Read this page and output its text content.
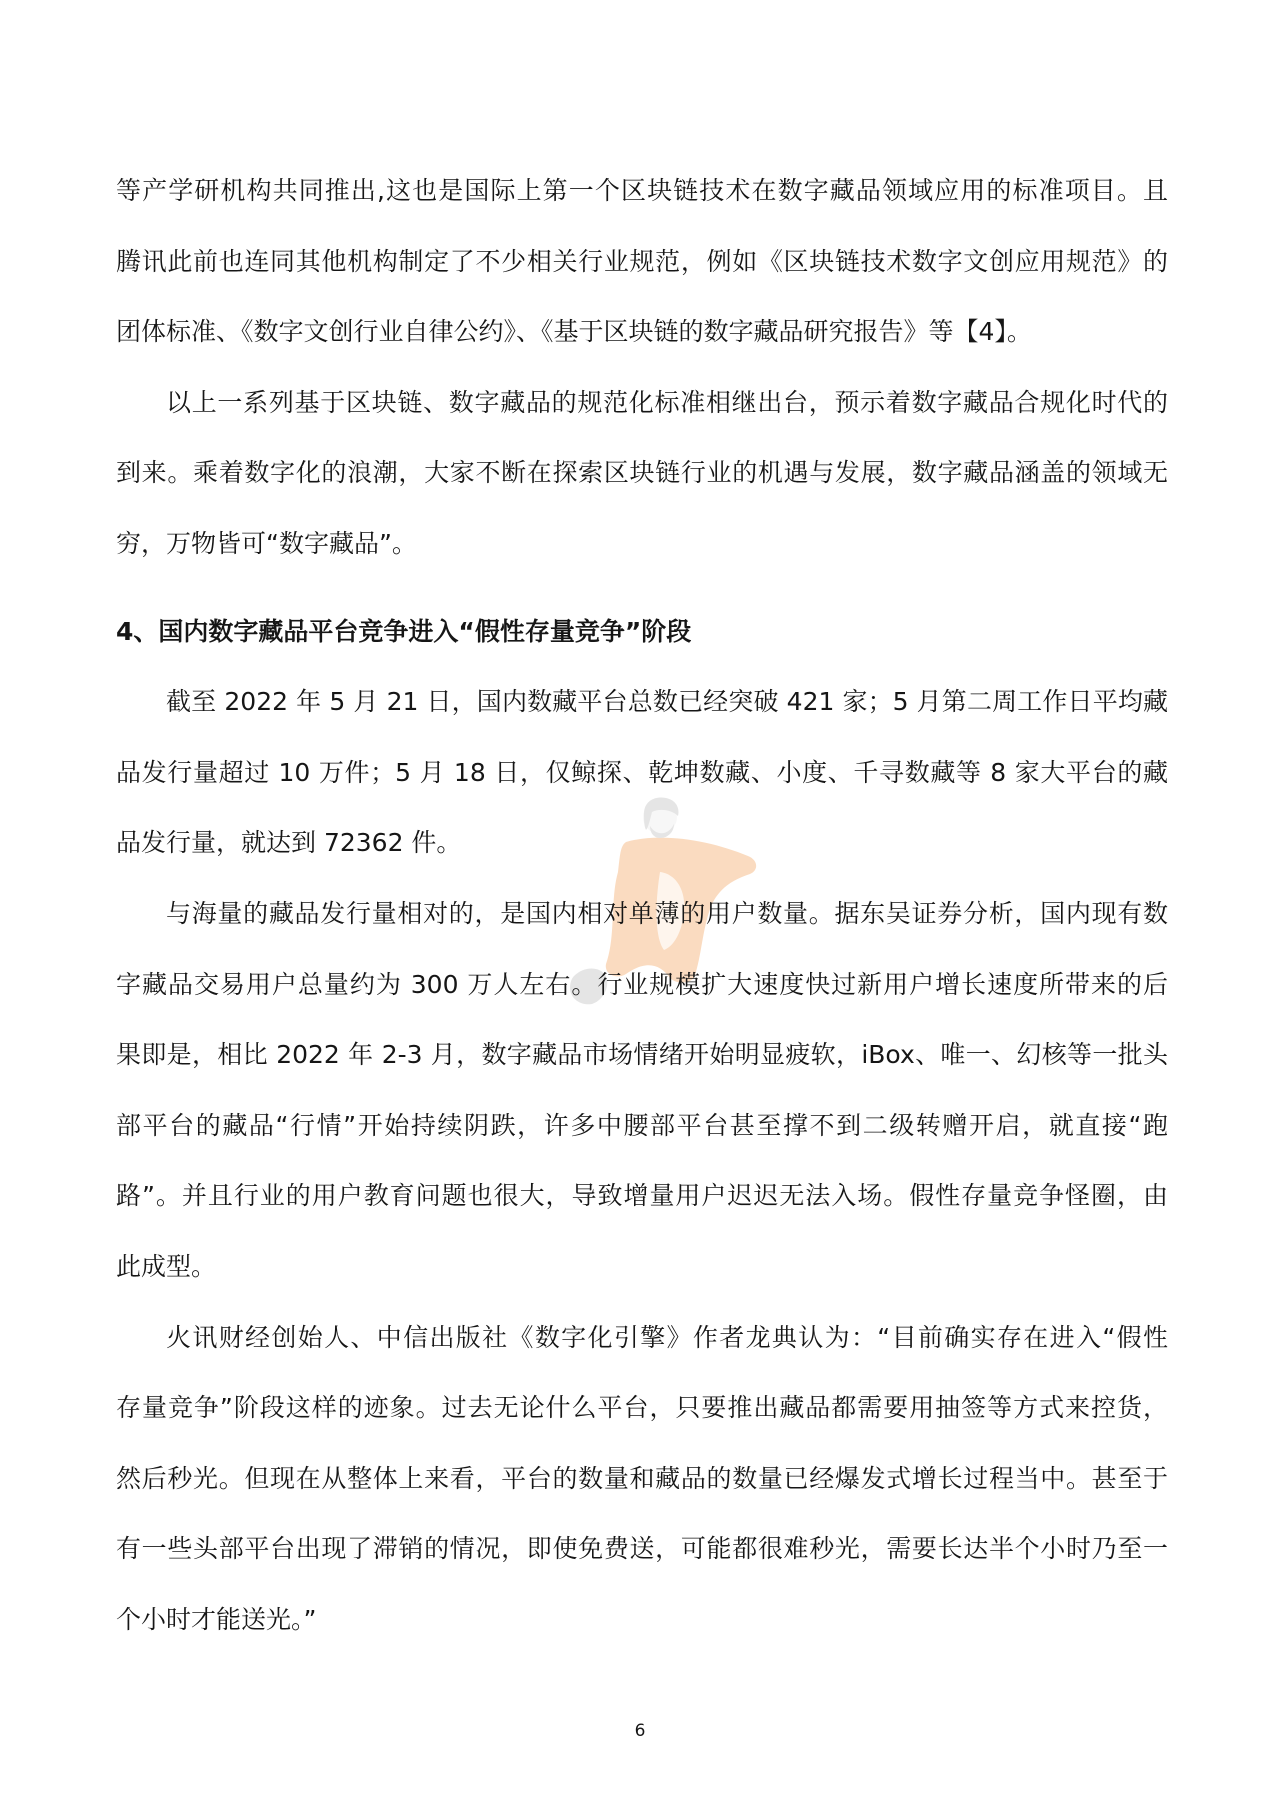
等产学研机构共同推出,这也是国际上第一个区块链技术在数字藏品领域应用的标准项目。且
腾讯此前也连同其他机构制定了不少相关行业规范，例如《区块链技术数字文创应用规范》的
团体标准、《数字文创行业自律公约》、《基于区块链的数字藏品研究报告》等【4】。
以上一系列基于区块链、数字藏品的规范化标准相继出台，预示着数字藏品合规化时代的
到来。乘着数字化的浪潮，大家不断在探索区块链行业的机遇与发展，数字藏品涵盖的领域无
穷，万物皆可“数字藏品”。
4、国内数字藏品平台竞争进入“假性存量竞争”阶段
截至 2022 年 5 月 21 日，国内数藏平台总数已经突破 421 家；5 月第二周工作日平均藏
品发行量超过 10 万件；5 月 18 日，仅鲸探、乾坤数藏、小度、千寻数藏等 8 家大平台的藏
品发行量，就达到 72362 件。
与海量的藏品发行量相对的，是国内相对单薄的用户数量。据东吴证券分析，国内现有数
字藏品交易用户总量约为 300 万人左右。行业规模扩大速度快过新用户增长速度所带来的后
果即是，相比 2022 年 2-3 月，数字藏品市场情绪开始明显疲软，iBox、唯一、幻核等一批头
部平台的藏品“行情”开始持续阴跌，许多中腰部平台甚至撑不到二级转赠开启，就直接“跑
路”。并且行业的用户教育问题也很大，导致增量用户迟迟无法入场。假性存量竞争怪圈，由
此成型。
火讯财经创始人、中信出版社《数字化引擎》作者龙典认为：“目前确实存在进入“假性
存量竞争”阶段这样的迹象。过去无论什么平台，只要推出藏品都需要用抽签等方式来控货，
然后秒光。但现在从整体上来看，平台的数量和藏品的数量已经爆发式增长过程当中。甚至于
有一些头部平台出现了滞销的情况，即使免费送，可能都很难秒光，需要长达半个小时乃至一
个小时才能送光。”
6
